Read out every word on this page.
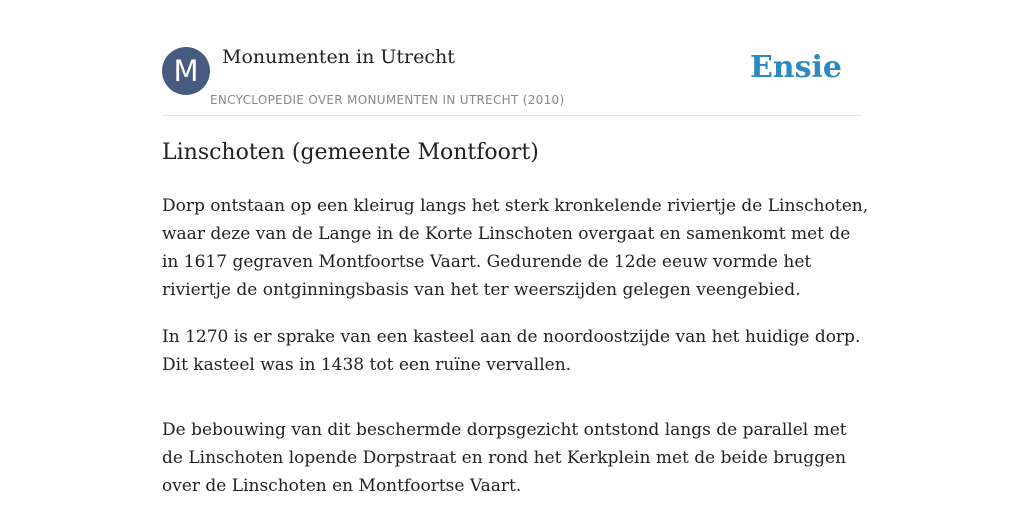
M	Monumenten in Utrecht
ENCYCLOPEDIE OVER MONUMENTEN IN UTRECHT (2010)
Ensie
Linschoten (gemeente Montfoort)

Dorp ontstaan op een kleirug langs het sterk kronkelende riviertje de Linschoten, waar deze van de Lange in de Korte Linschoten overgaat en samenkomt met de in 1617 gegraven Montfoortse Vaart. Gedurende de 12de eeuw vormde het riviertje de ontginningsbasis van het ter weerszijden gelegen veengebied.

In 1270 is er sprake van een kasteel aan de noordoostzijde van het huidige dorp. Dit kasteel was in 1438 tot een ruïne vervallen.

De bebouwing van dit beschermde dorpsgezicht ontstond langs de parallel met de Linschoten lopende Dorpstraat en rond het Kerkplein met de beide bruggen over de Linschoten en Montfoortse Vaart.
